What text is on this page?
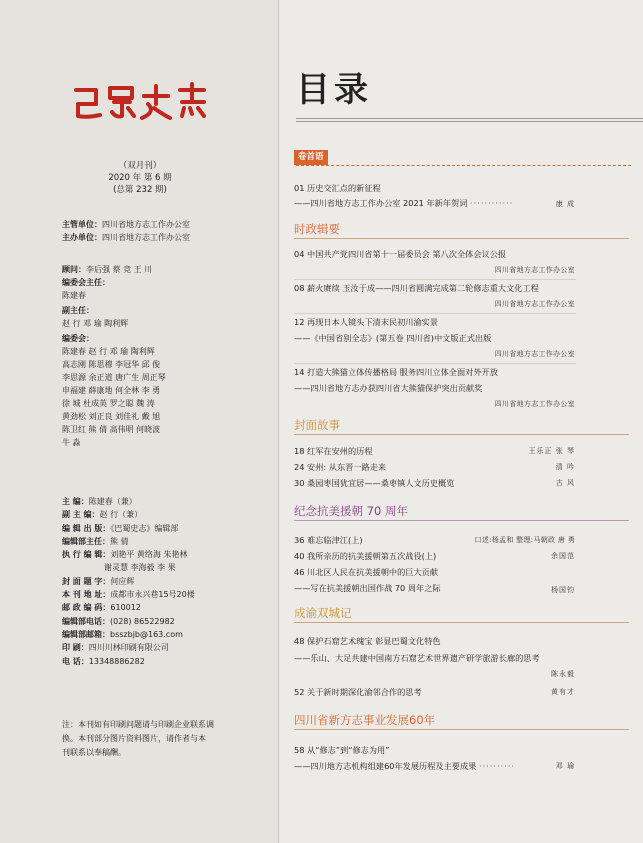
（双月刊）
2020 年 第 6 期
(总第 232 期)
主管单位：四川省地方志工作办公室
主办单位：四川省地方志工作办公室
顾问：李后强 蔡 竞 王 川
编委会主任：
陈建春
副主任：
赵 行 邓 瑜 陶利辉
编委会：
陈建春 赵 行 邓 瑜 陶利辉
高志刚 陈思穆 李冠华 邱 俊
李思源 余正道 唐广生 周正琴
申福建 薛康地 何全林 李 勇
徐 城 杜成英 罗之聪 魏 涛
黄劲松 刘正良 刘佳礼 戴 旭
陈卫红 熊 倩 高伟明 何晓波
牛 淼
主 编：陈建春（兼）
副 主 编：赵 行（兼）
编 辑 出 版：《巴蜀史志》编辑部
编辑部主任：熊 倩
执 行 编 辑：刘艳平 黄络海 朱艳林
谢灵慧 李海毅 李 果
封 面 题 字：何应辉
本 刊 地 址：成都市永兴巷15号20楼
邮 政 编 码：610012
编辑部电话：(028) 86522982
编辑部邮箱：bsszbjb@163.com
印 刷：四川川林印刷有限公司
电 话：13348886282
注：本刊如有印刷问题请与印刷企业联系调
换。本刊部分图片资料图片，请作者与本
刊联系以奉稿酬。
目录
卷首语
01 历史交汇点的新征程
——四川省地方志工作办公室 2021 年新年贺词 ············	康 成
时政辑要
04 中国共产党四川省第十一届委员会 第八次全体会议公报
四川省地方志工作办公室
08 薪火赓续 玉汝于成——四川省圆满完成第二轮修志重大文化工程
四川省地方志工作办公室
12 再现日本人镜头下清末民初川渝实景
——《中国省别全志》(第五卷 四川省)中文版正式出版
四川省地方志工作办公室
14 打造大熊猫立体传播格局 服务四川立体全面对外开放
——四川省地方志办获四川省大熊猫保护突出贡献奖
四川省地方志工作办公室
封面故事
18 红军在安州的历程	王乐正 张 琴
24 安州: 从东晋一路走来	清 吟
30 桑园枣国犹宜居——桑枣镇人文历史概览	古 风
纪念抗美援朝 70 周年
36 难忘临津江(上)	口述:杨孟和 整理:马朝政 唐 勇
40 我所亲历的抗美援朝第五次战役(上)	余国范
46 川北区人民在抗美援朝中的巨大贡献
——写在抗美援朝出国作战 70 周年之际	杨国钧
成渝双城记
48 保护石窟艺术瑰宝 彰显巴蜀文化特色
——乐山、大足共建中国南方石窟艺术世界遗产研学旅游长廊的思考
陈永毅
52 关于新时期深化渝邻合作的思考	黄有才
四川省新方志事业发展60年
58 从“修志”到“修志为用”
——四川地方志机构组建60年发展历程及主要成果 ··········	邓 瑜
